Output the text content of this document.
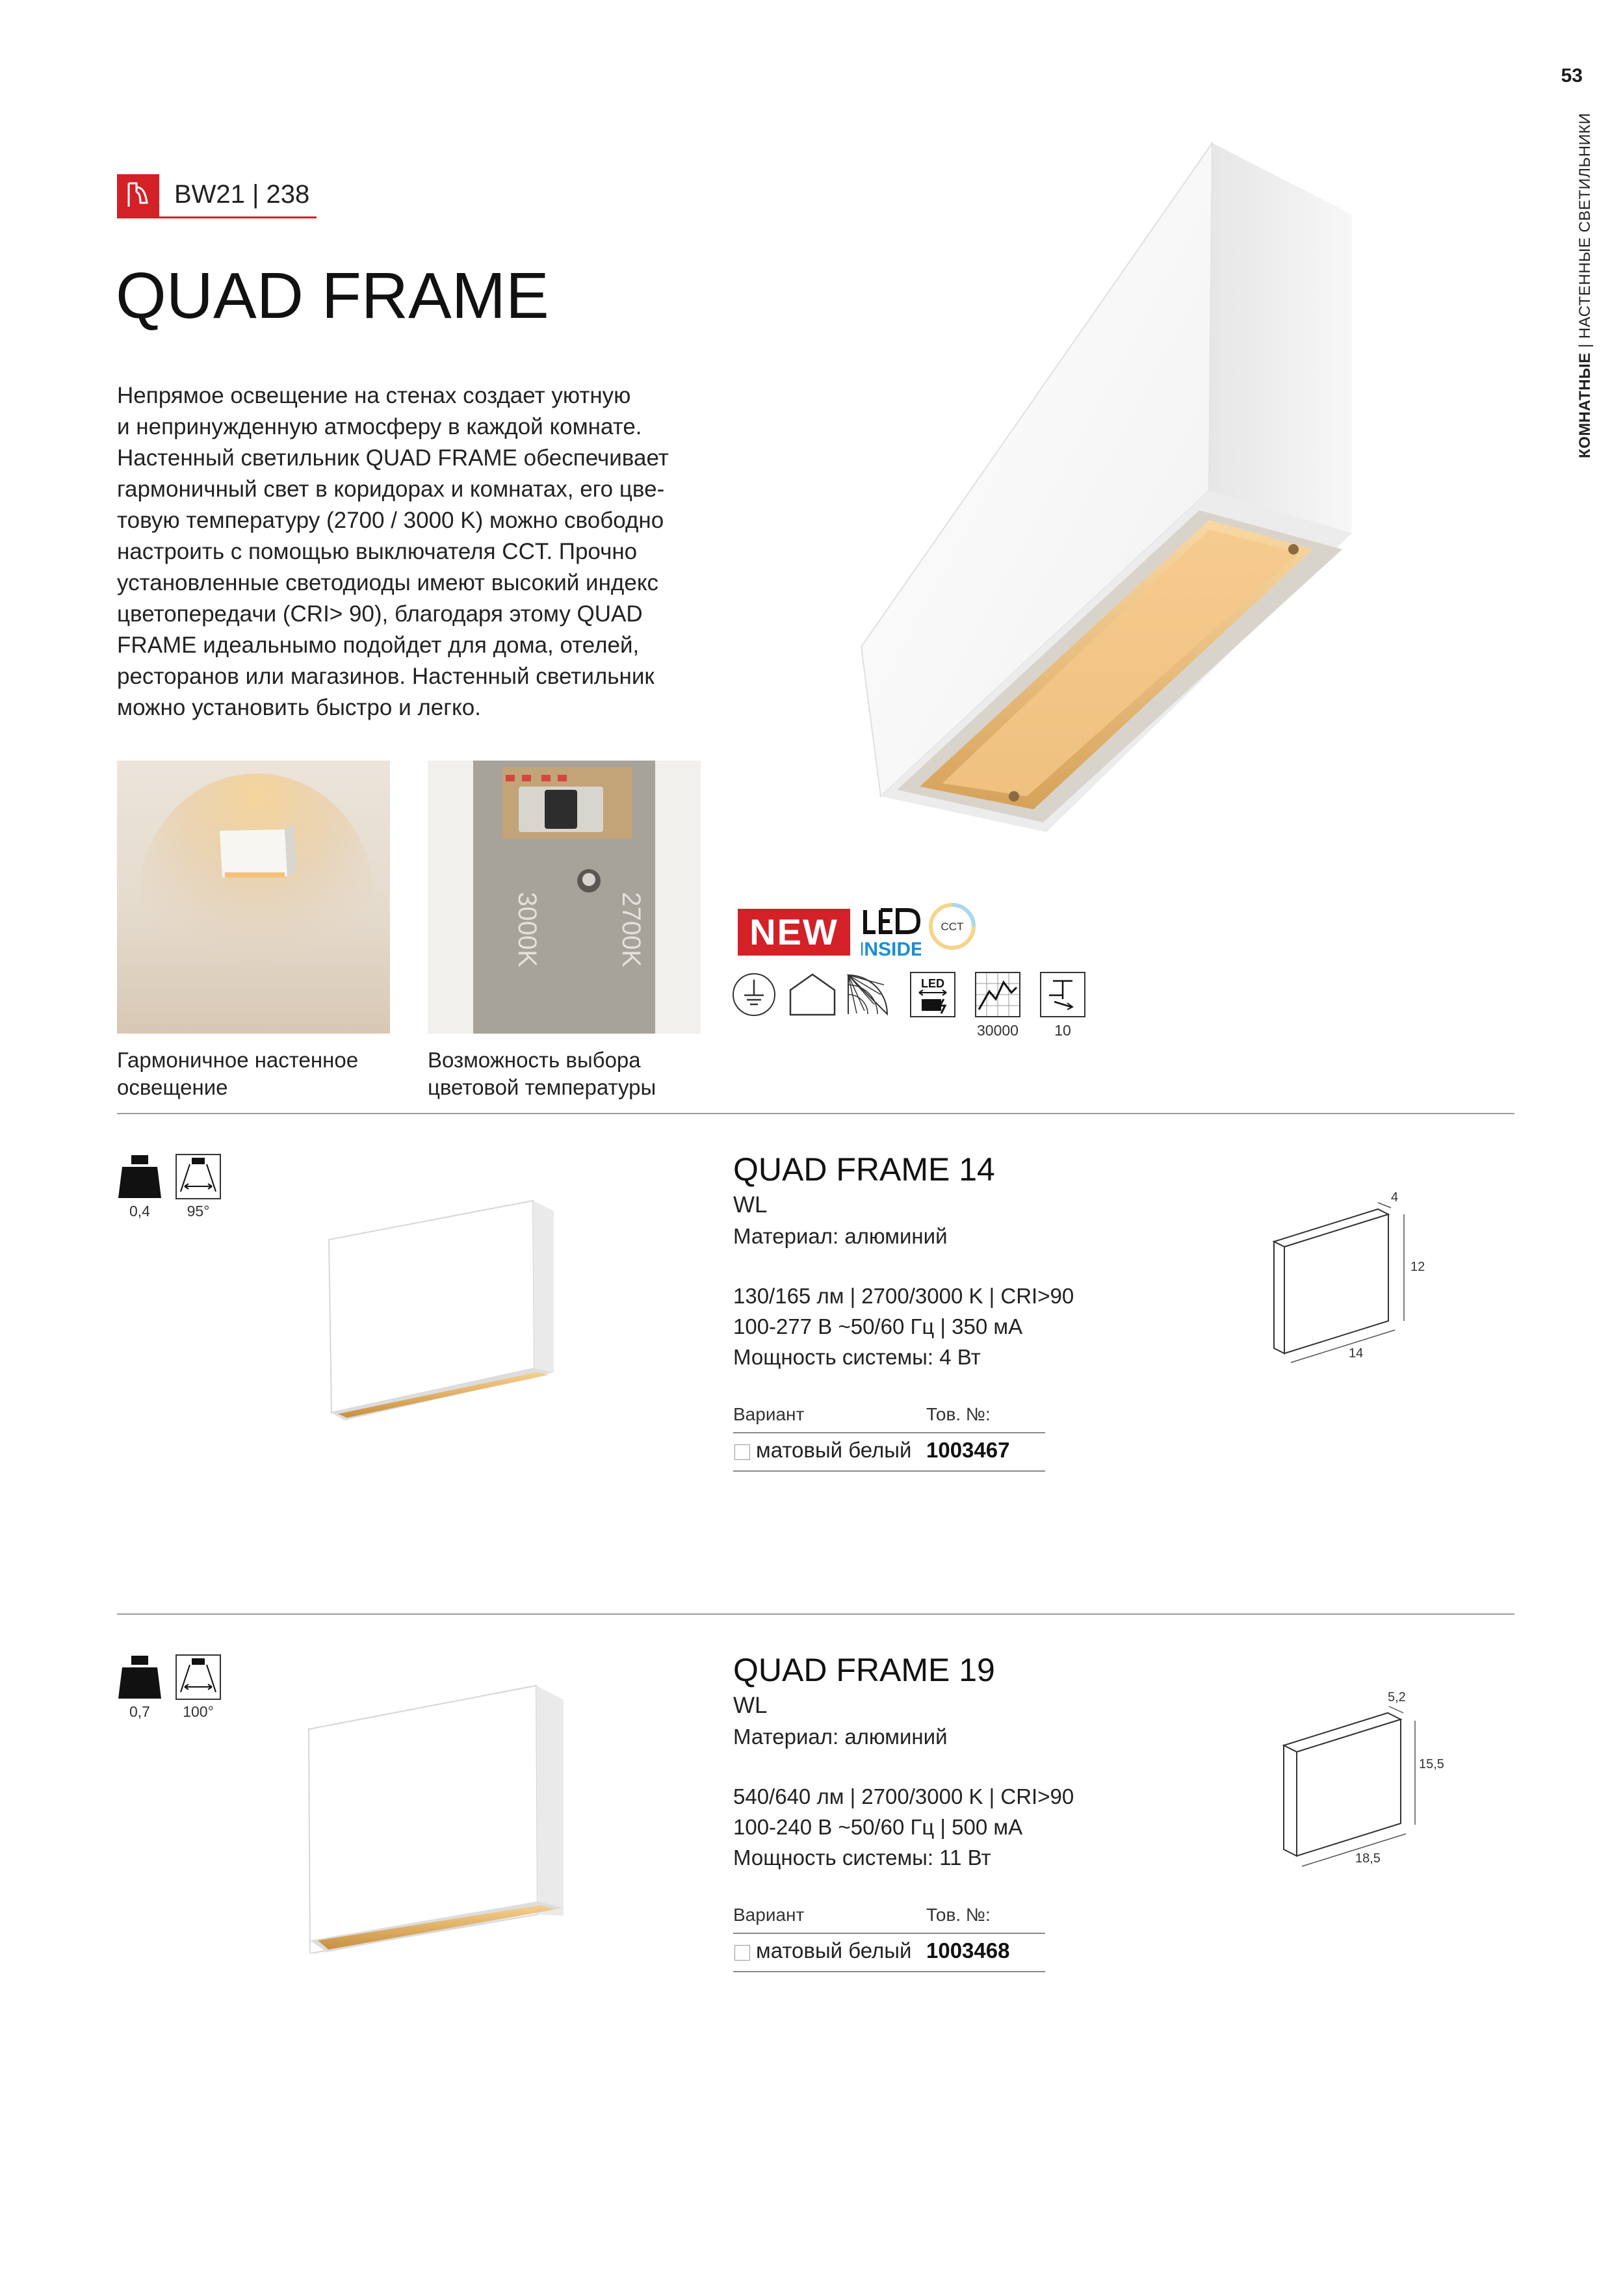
53
КОМНАТНЫЕ | НАСТЕННЫЕ СВЕТИЛЬНИКИ
BW21 | 238
QUAD FRAME

Непрямое освещение на стенах создает уютную

и непринужденную атмосферу в каждой комнате.

Настенный светильник QUAD FRAME обеспечивает

гармоничный свет в коридорах и комнатах, его цве-

товую температуру (2700 / 3000 K) можно свободно

настроить с помощью выключателя CCT. Прочно

установленные светодиоды имеют высокий индекс

цветопередачи (CRI> 90), благодаря этому QUAD

FRAME идеальнымо подойдет для дома, отелей,

ресторанов или магазинов. Настенный светильник

можно установить быстро и легко.

3000K	2700K
Гармоничное настенное
освещение
Возможность выбора
цветовой температуры
NEW	INSIDE
CCT
LED
30000	10
0,4	95°
QUAD FRAME 14
WL
Материал: алюминий
130/165 лм | 2700/3000 K | CRI>90
100-277 В ~50/60 Гц | 350 мА
Мощность системы: 4 Вт
Вариант	Тов. №:
матовый белый 1003467
4
12
14
0,7	100°
QUAD FRAME 19
WL
Материал: алюминий
540/640 лм | 2700/3000 K | CRI>90
100-240 В ~50/60 Гц | 500 мА
Мощность системы: 11 Вт
Вариант	Тов. №:
матовый белый 1003468
5,2
15,5
18,5
